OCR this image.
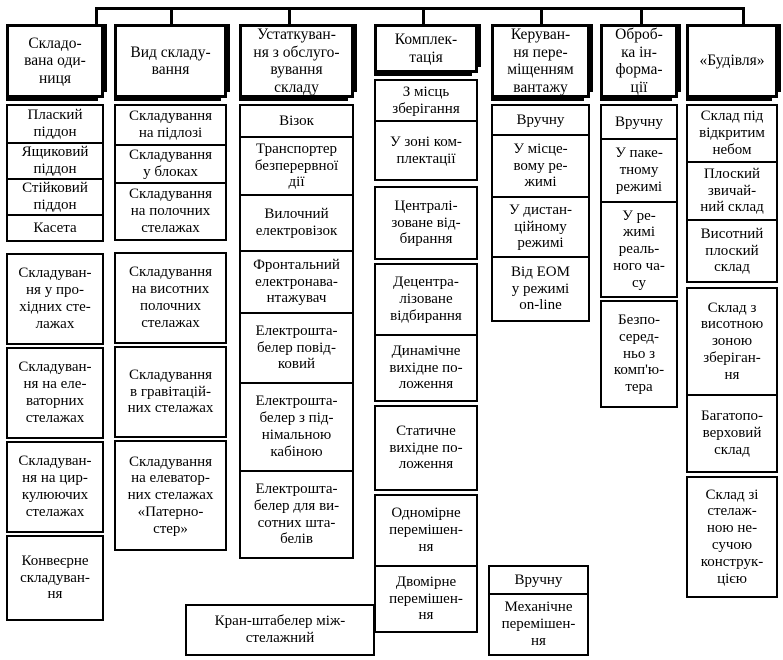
Складо-
вана оди-
ниця
Плаский
піддон
Ящиковий
піддон
Стійковий
піддон
Касета
Складуван-
ня у про-
хідних сте-
лажах
Складуван-
ня на еле-
ваторних
стелажах
Складуван-
ня на цир-
кулюючих
стелажах
Конвеєрне
складуван-
ня
Вид складу-
вання
Складування
на підлозі
Складування
у блоках
Складування
на полочних
стелажах
Складування
на висотних
полочних
стелажах
Складування
в гравітацій-
них стелажах
Складування
на елеватор-
них стелажах
«Патерно-
стер»
Устаткуван-
ня з обслуго-
вування
складу
Візок
Транспортер
безперервної
дії
Вилочний
електровізок
Фронтальний
електронава-
нтажувач
Електрошта-
белер повід-
ковий
Електрошта-
белер з під-
німальною
кабіною
Електрошта-
белер для ви-
сотних шта-
белів
Комплек-
тація
З місць
зберігання
У зоні ком-
плектації
Централі-
зоване від-
бирання
Децентра-
лізоване
відбирання
Динамічне
вихідне по-
ложення
Статичне
вихідне по-
ложення
Одномірне
перемішен-
ня
Двомірне
перемішен-
ня
Керуван-
ня пере-
міщенням
вантажу
Вручну
У місце-
вому ре-
жимі
У дистан-
ційному
режимі
Від ЕОМ
у режимі
on-line
Оброб-
ка ін-
форма-
ції
Вручну
У паке-
тному
режимі
У ре-
жимі
реаль-
ного ча-
су
Безпо-
серед-
ньо з
комп'ю-
тера
«Будівля»
Склад під
відкритим
небом
Плоский
звичай-
ний склад
Висотний
плоский
склад
Склад з
висотною
зоною
зберіган-
ня
Багатопо-
верховий
склад
Склад зі
стелаж-
ною не-
сучою
конструк-
цією
Кран-штабелер між-
стелажний
Вручну
Механічне
перемішен-
ня
